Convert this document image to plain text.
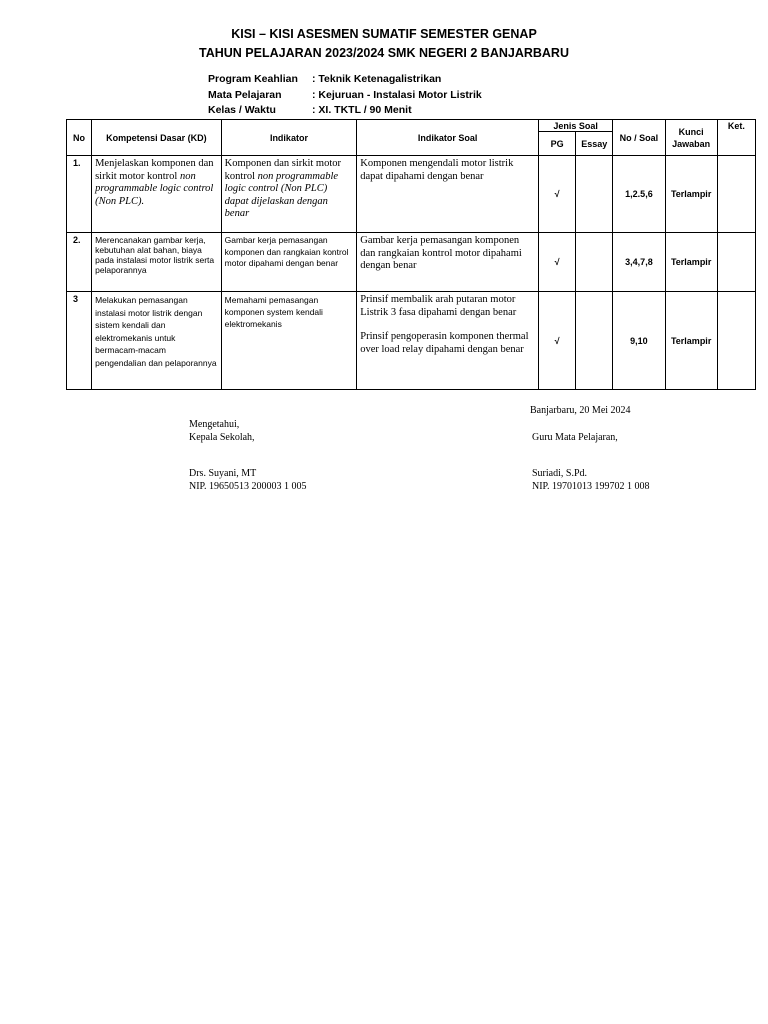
KISI – KISI ASESMEN SUMATIF SEMESTER GENAP
TAHUN PELAJARAN 2023/2024 SMK NEGERI 2 BANJARBARU
Program Keahlian	: Teknik Ketenagalistrikan
Mata Pelajaran	: Kejuruan - Instalasi Motor Listrik
Kelas / Waktu	: XI. TKTL / 90 Menit
No	Kompetensi Dasar (KD)	Indikator	Indikator Soal	Jenis Soal		No / Soal	Kunci
Jawaban	Ket.
				PG	Essay			
1.	Menjelaskan komponen dan sirkit motor kontrol non programmable logic control (Non PLC).	Komponen dan sirkit motor kontrol non programmable logic control (Non PLC) dapat dijelaskan dengan benar	Komponen mengendali motor listrik dapat dipahami dengan benar	√		1,2.5,6	Terlampir	
2.	Merencanakan gambar kerja, kebutuhan alat bahan, biaya pada instalasi motor listrik serta pelaporannya	Gambar kerja pemasangan komponen dan rangkaian kontrol motor dipahami dengan benar	Gambar kerja pemasangan komponen dan rangkaian kontrol motor dipahami dengan benar	√		3,4,7,8	Terlampir	
3	Melakukan pemasangan instalasi motor listrik dengan sistem kendali dan elektromekanis untuk bermacam-macam pengendalian dan pelaporannya	Memahami pemasangan komponen system kendali elektromekanis	Prinsif membalik arah putaran motor Listrik 3 fasa dipahami dengan benar
Prinsif pengoperasin komponen thermal over load relay dipahami dengan benar	√		9,10	Terlampir	
Banjarbaru, 20 Mei 2024
Mengetahui,
Kepala Sekolah,	Guru Mata Pelajaran,
Drs. Suyani, MT
NIP. 19650513 200003 1 005
Suriadi, S.Pd.
NIP. 19701013 199702 1 008
